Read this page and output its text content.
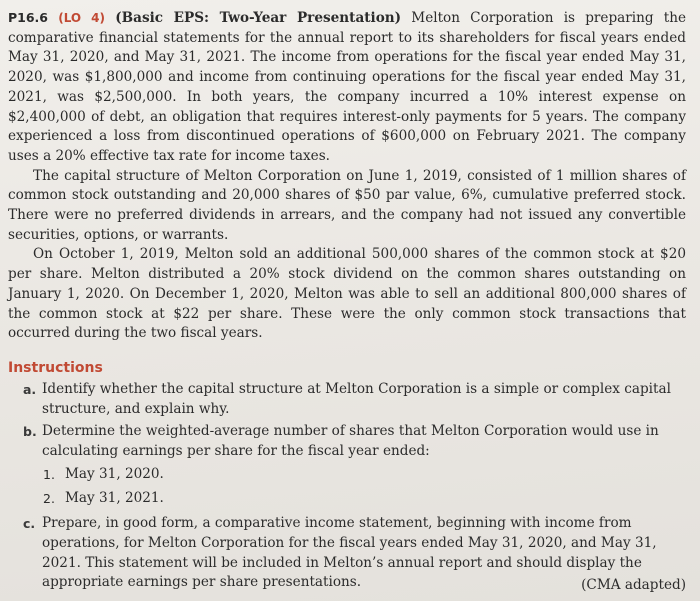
P16.6 (LO 4) (Basic EPS: Two-Year Presentation) Melton Corporation is preparing the comparative financial statements for the annual report to its shareholders for fiscal years ended May 31, 2020, and May 31, 2021. The income from operations for the fiscal year ended May 31, 2020, was $1,800,000 and income from continuing operations for the fiscal year ended May 31, 2021, was $2,500,000. In both years, the company incurred a 10% interest expense on $2,400,000 of debt, an obligation that requires interest-only payments for 5 years. The company experienced a loss from discontinued operations of $600,000 on February 2021. The company uses a 20% effective tax rate for income taxes.

The capital structure of Melton Corporation on June 1, 2019, consisted of 1 million shares of common stock outstanding and 20,000 shares of $50 par value, 6%, cumulative preferred stock. There were no preferred dividends in arrears, and the company had not issued any convertible securities, options, or warrants.

On October 1, 2019, Melton sold an additional 500,000 shares of the common stock at $20 per share. Melton distributed a 20% stock dividend on the common shares outstanding on January 1, 2020. On December 1, 2020, Melton was able to sell an additional 800,000 shares of the common stock at $22 per share. These were the only common stock transactions that occurred during the two fiscal years.

Instructions
a. Identify whether the capital structure at Melton Corporation is a simple or complex capital structure, and explain why.
b. Determine the weighted-average number of shares that Melton Corporation would use in calculating earnings per share for the fiscal year ended:
1. May 31, 2020.
2. May 31, 2021.
c. Prepare, in good form, a comparative income statement, beginning with income from operations, for Melton Corporation for the fiscal years ended May 31, 2020, and May 31, 2021. This statement will be included in Melton’s annual report and should display the appropriate earnings per share presentations.	(CMA adapted)
